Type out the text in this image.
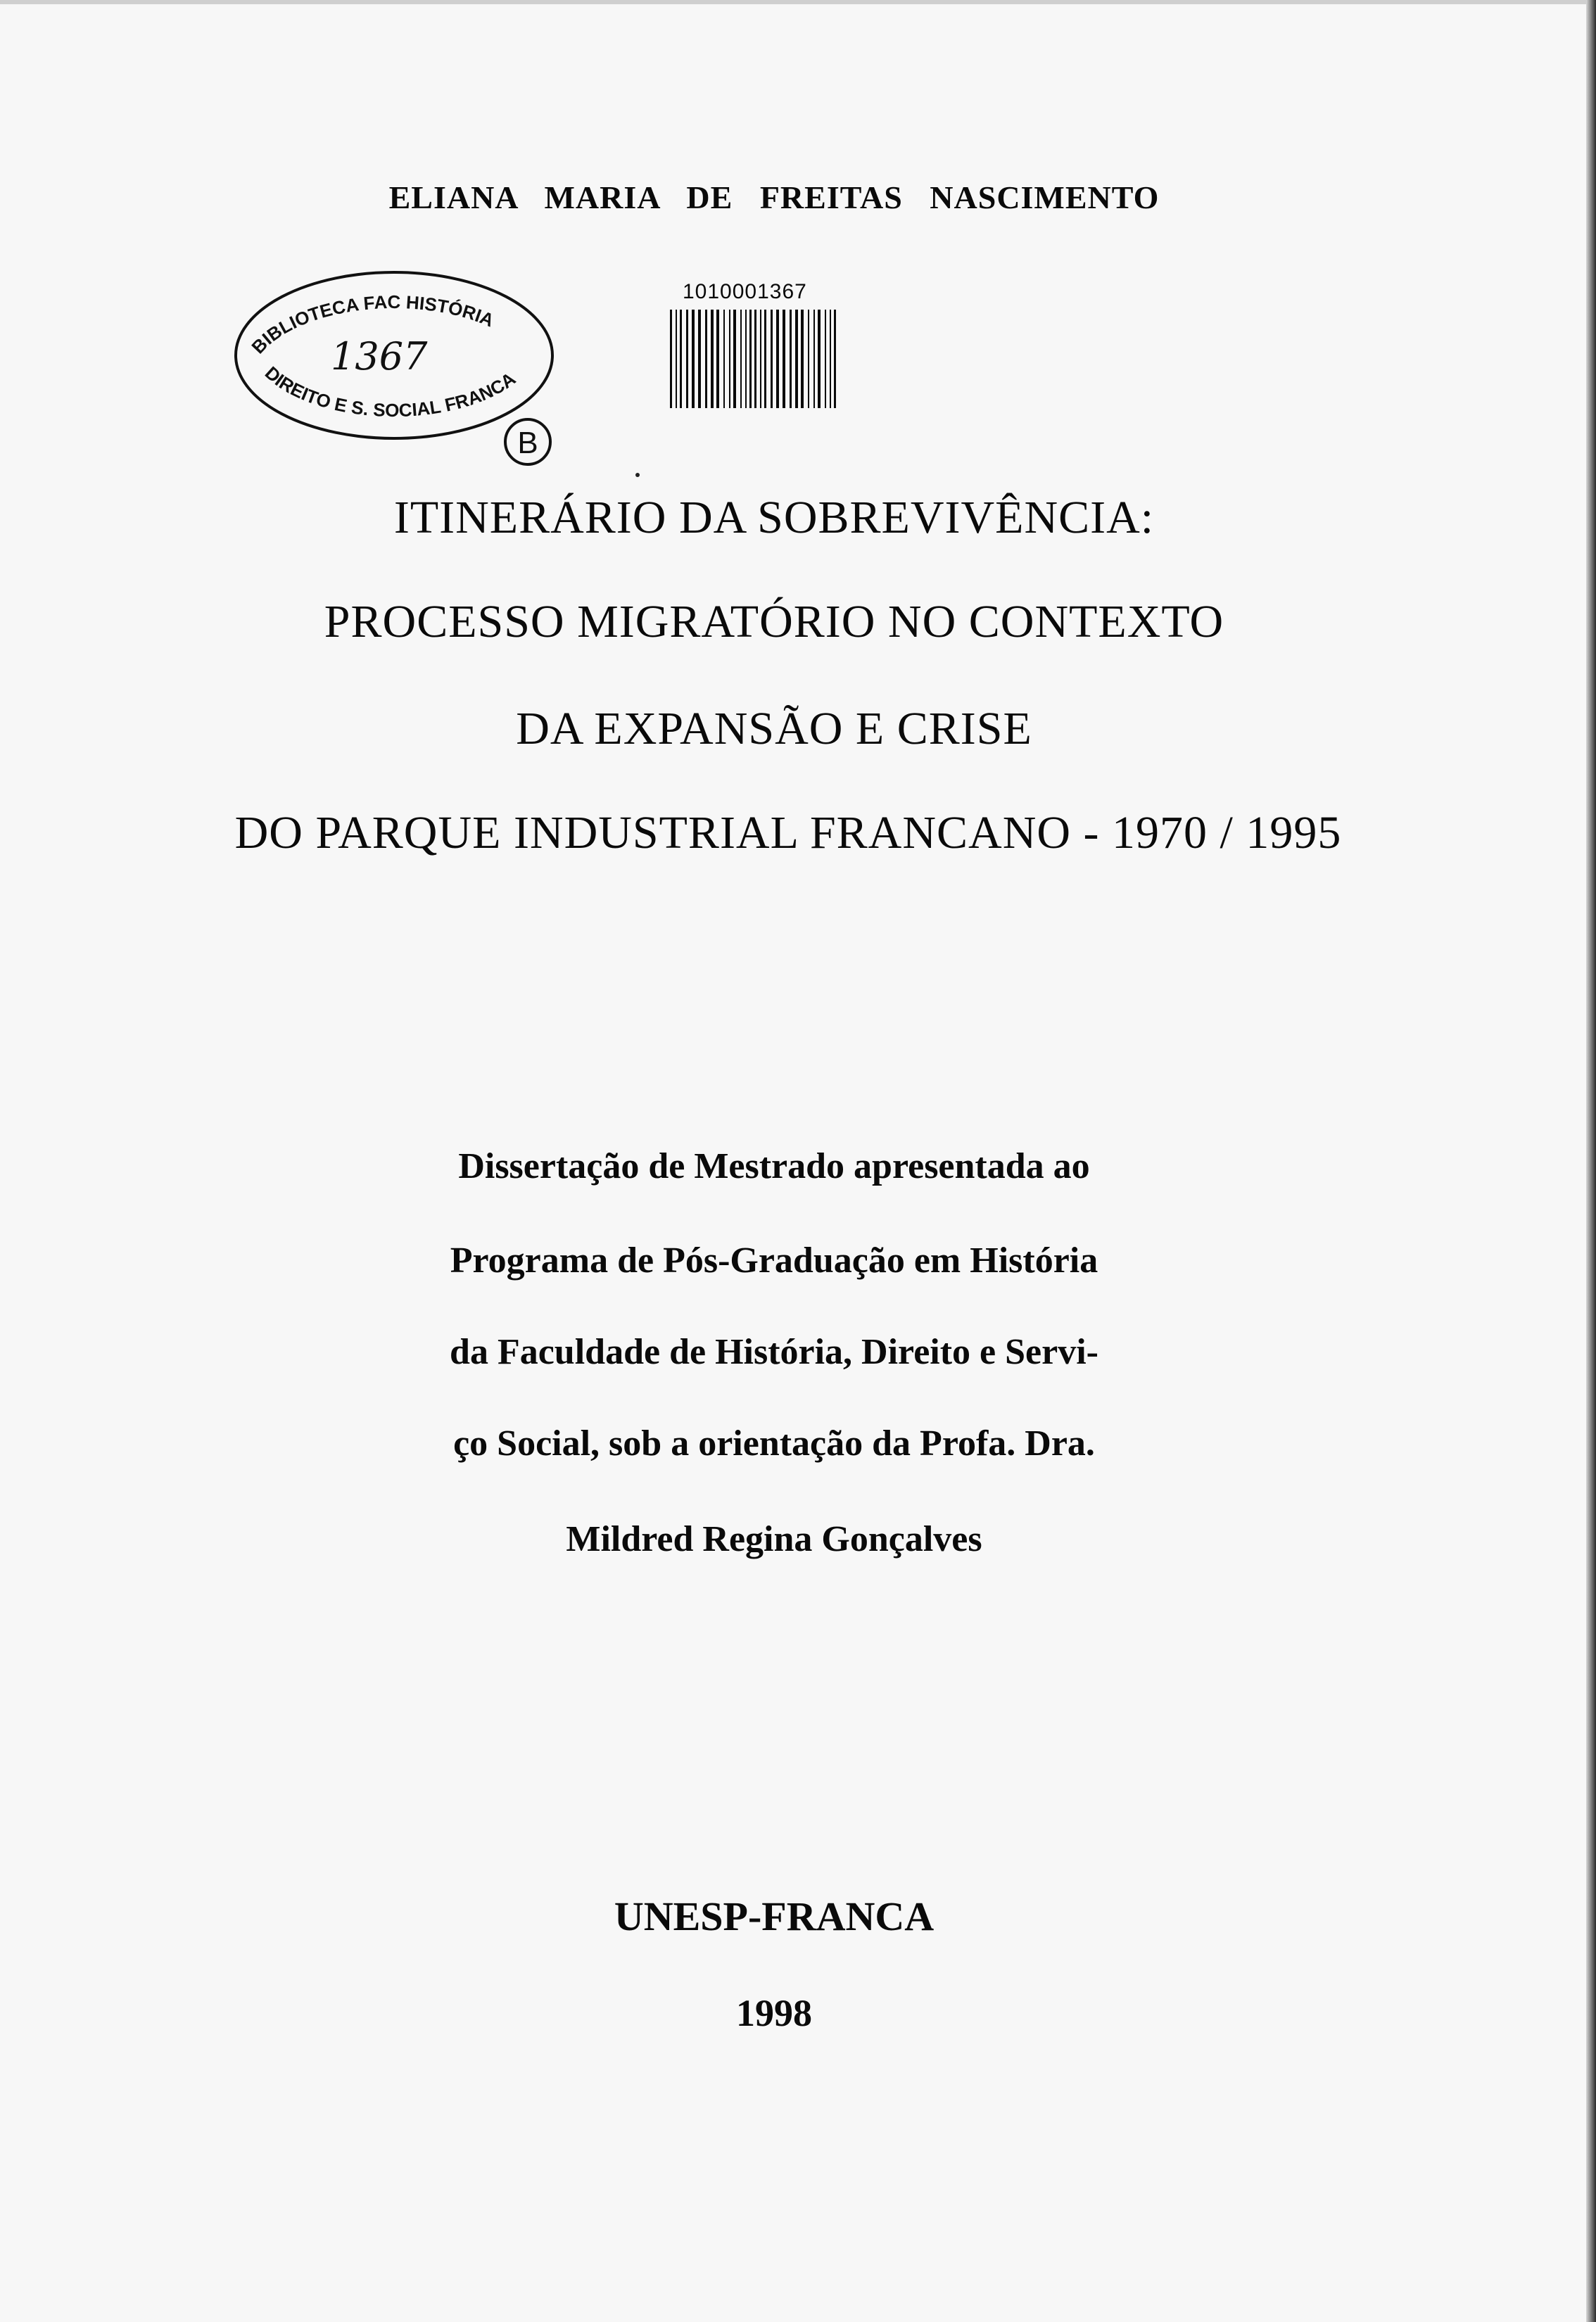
ELIANA MARIA DE FREITAS NASCIMENTO
BIBLIOTECA FAC HISTÓRIA
DIREITO E S. SOCIAL FRANCA
1367
B
1010001367
ITINERÁRIO DA SOBREVIVÊNCIA:
PROCESSO MIGRATÓRIO NO CONTEXTO
DA EXPANSÃO E CRISE
DO PARQUE INDUSTRIAL FRANCANO - 1970 / 1995
Dissertação de Mestrado apresentada ao
Programa de Pós-Graduação em História
da Faculdade de História, Direito e Servi-
ço Social, sob a orientação da Profa. Dra.
Mildred Regina Gonçalves
UNESP-FRANCA
1998
